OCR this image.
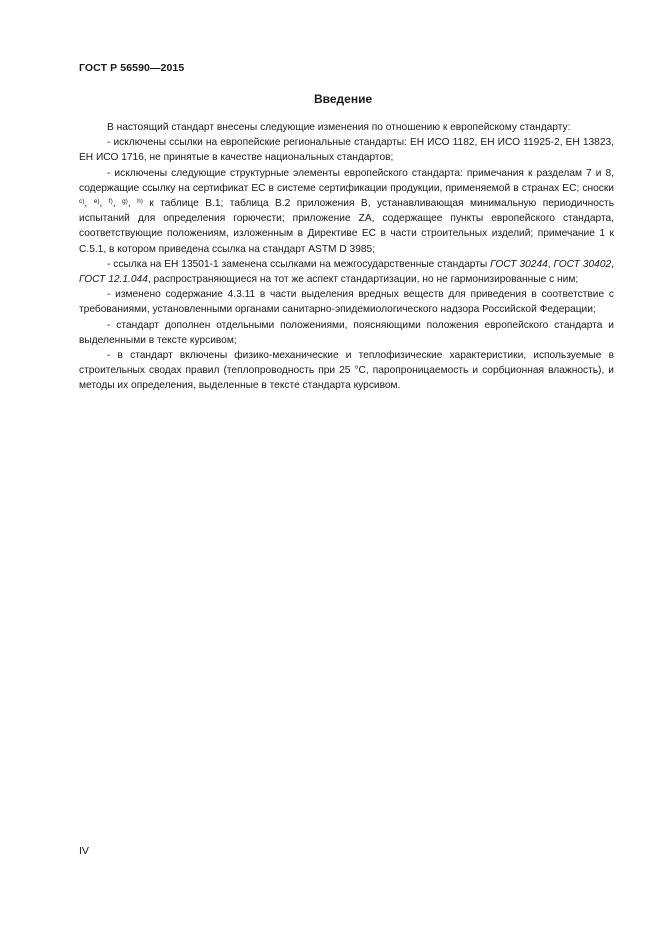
ГОСТ Р 56590—2015
Введение

В настоящий стандарт внесены следующие изменения по отношению к европейскому стандарту:

- исключены ссылки на европейские региональные стандарты: ЕН ИСО 1182, ЕН ИСО 11925-2, ЕН 13823, ЕН ИСО 1716, не принятые в качестве национальных стандартов;

- исключены следующие структурные элементы европейского стандарта: примечания к разделам 7 и 8, содержащие ссылку на сертификат ЕС в системе сертификации продукции, применяемой в странах ЕС; сноски $^{c)}$, $^{e)}$, $^{f)}$, $^{g)}$, $^{h)}$ к таблице В.1; таблица В.2 приложения В, устанавливающая минимальную периодичность испытаний для определения горючести; приложение ZA, содержащее пункты европейского стандарта, соответствующие положениям, изложенным в Директиве ЕС в части строительных изделий; примечание 1 к С.5.1, в котором приведена ссылка на стандарт ASTM D 3985;

- ссылка на ЕН 13501-1 заменена ссылками на межгосударственные стандарты ГОСТ 30244, ГОСТ 30402, ГОСТ 12.1.044, распространяющиеся на тот же аспект стандартизации, но не гармонизированные с ним;

- изменено содержание 4.3.11 в части выделения вредных веществ для приведения в соответствие с требованиями, установленными органами санитарно-эпидемиологического надзора Российской Федерации;

- стандарт дополнен отдельными положениями, поясняющими положения европейского стандарта и выделенными в тексте курсивом;

- в стандарт включены физико-механические и теплофизические характеристики, используемые в строительных сводах правил (теплопроводность при 25 °С, паропроницаемость и сорбционная влажность), и методы их определения, выделенные в тексте стандарта курсивом.

IV
